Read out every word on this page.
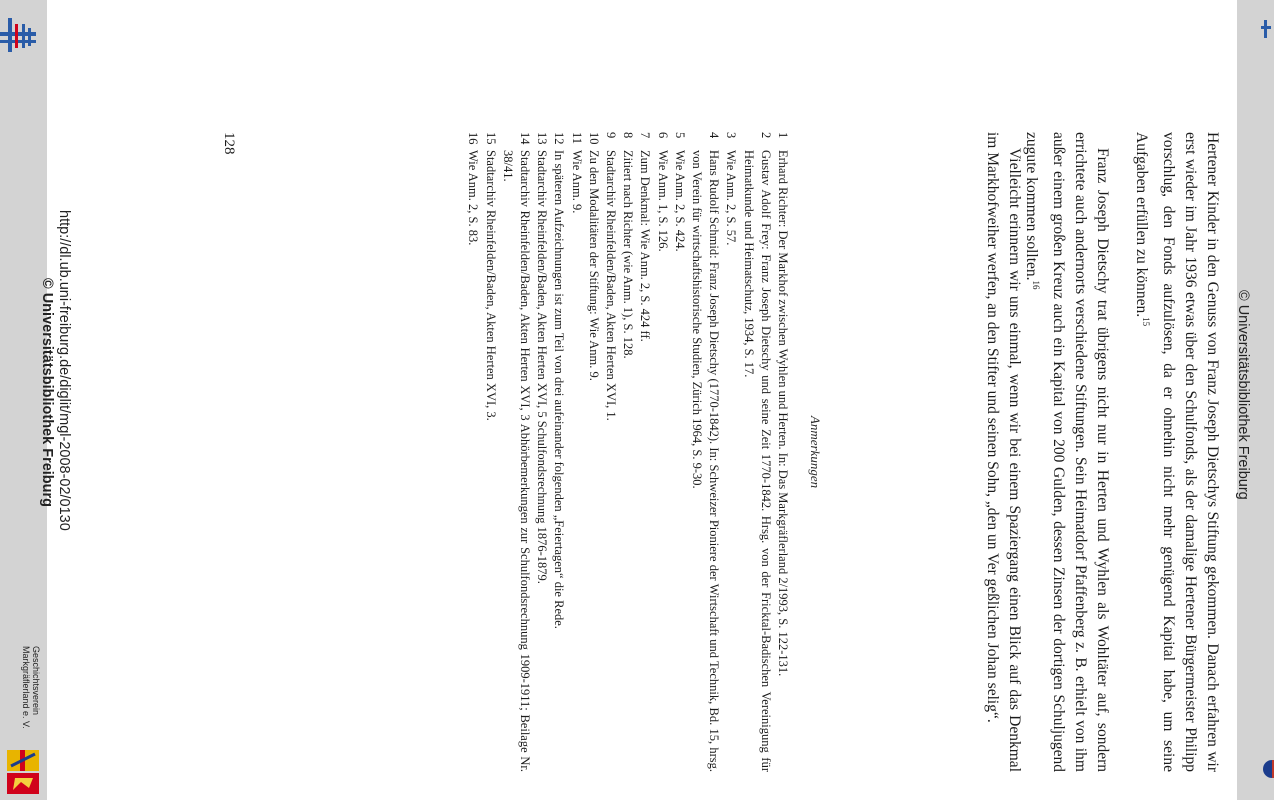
Geschichtsverein
Markgräflerland e. V.
© Universitätsbibliothek Freiburg

Hertener Kinder in den Genuss von Franz Joseph Dietschys Stiftung gekommen. Danach erfahren wir erst wieder im Jahr 1936 etwas über den Schulfonds, als der damalige Hertener Bürgermeister Philipp vorschlug, den Fonds aufzulösen, da er ohnehin nicht mehr genügend Kapital habe, um seine Aufgaben erfüllen zu können.$^{15}$

Franz Joseph Dietschy trat übrigens nicht nur in Herten und Wyhlen als Wohltäter auf, sondern errichtete auch andernorts verschiedene Stiftungen. Sein Heimatdorf Pfaffenberg z. B. erhielt von ihm außer einem großen Kreuz auch ein Kapital von 200 Gulden, dessen Zinsen der dortigen Schuljugend zugute kommen sollten.$^{16}$

Vielleicht erinnern wir uns einmal, wenn wir bei einem Spaziergang einen Blick auf das Denkmal im Markhofweiher werfen, an den Stifter und seinen Sohn, „den un Ver geßlichen Johan selig“.

Anmerkungen

1
Erhard Richter: Der Markhof zwischen Wyhlen und Herten. In: Das Markgräflerland 2/1993, S. 122-131.

2
Gustav Adolf Frey: Franz Joseph Dietschy und seine Zeit 1770-1842. Hrsg. von der Fricktal-Badischen Vereinigung für Heimatkunde und Heimatschutz, 1934, S. 17.

3
Wie Anm. 2, S. 57.

4
Hans Rudolf Schmid: Franz Joseph Dietschy (1770-1842). In: Schweizer Pioniere der Wirtschaft und Technik, Bd. 15, hrsg. von Verein für wirtschaftshistorische Studien, Zürich 1964, S. 9-30.

5
Wie Anm. 2, S. 424.

6
Wie Anm. 1, S. 126.

7
Zum Denkmal: Wie Anm. 2, S. 424 ff.

8
Zitiert nach Richter (wie Anm. 1), S. 128.

9
Stadtarchiv Rheinfelden/Baden, Akten Herten XVI, 1.

10
Zu den Modalitäten der Stiftung: Wie Anm. 9.

11
Wie Anm. 9.

12
In späteren Aufzeichnungen ist zum Teil von drei aufeinander folgenden „Feiertagen“ die Rede.

13
Stadtarchiv Rheinfelden/Baden, Akten Herten XVI, 5 Schulfondsrechnung 1876-1879.

14
Stadtarchiv Rheinfelden/Baden, Akten Herten XVI, 3 Abhörbemerkungen zur Schulfondsrechnung 1909-1911; Beilage Nr. 38/41.

15
Stadtarchiv Rheinfelden/Baden, Akten Herten XVI, 3.

16
Wie Anm. 2, S. 83.

128
http://dl.ub.uni-freiburg.de/diglit/mgl-2008-02/0130
© Universitätsbibliothek Freiburg
